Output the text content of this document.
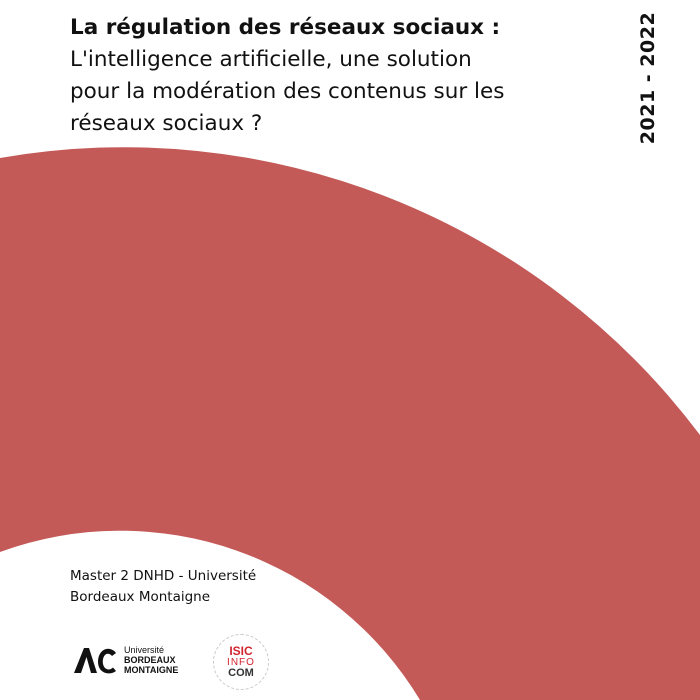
La régulation des réseaux sociaux :
L'intelligence artificielle, une solution
pour la modération des contenus sur les
réseaux sociaux ?	2021 - 2022
Master 2 DNHD - Université
Bordeaux Montaigne
Université
BORDEAUX
MONTAIGNE
ISIC
INFO
COM
